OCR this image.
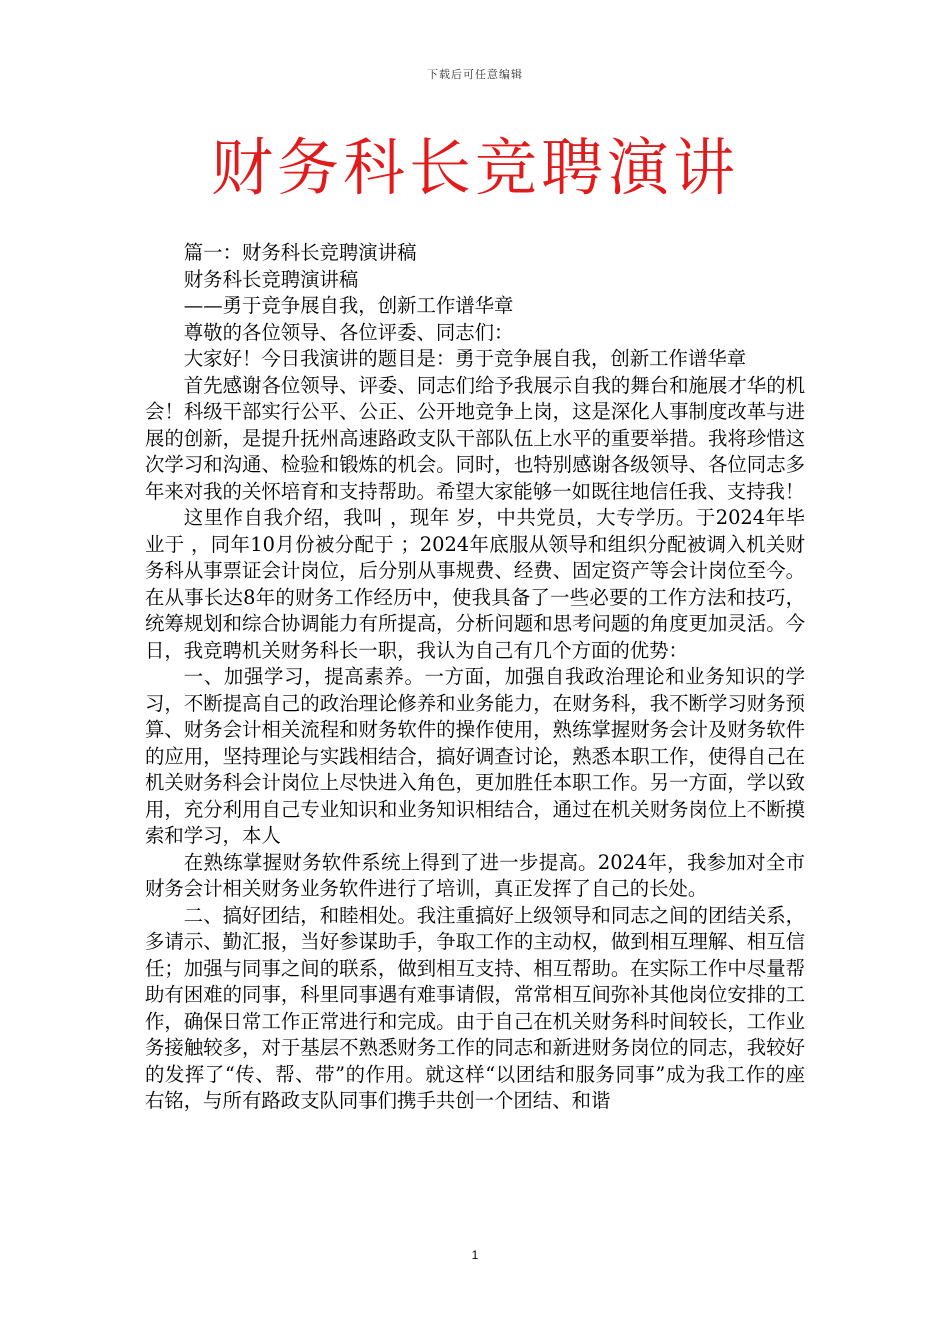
下载后可任意编辑
财务科长竞聘演讲

篇一：财务科长竞聘演讲稿

财务科长竞聘演讲稿

——勇于竞争展自我，创新工作谱华章

尊敬的各位领导、各位评委、同志们：

大家好！今日我演讲的题目是：勇于竞争展自我，创新工作谱华章

首先感谢各位领导、评委、同志们给予我展示自我的舞台和施展才华的机会！科级干部实行公平、公正、公开地竞争上岗，这是深化人事制度改革与进展的创新，是提升抚州高速路政支队干部队伍上水平的重要举措。我将珍惜这次学习和沟通、检验和锻炼的机会。同时，也特别感谢各级领导、各位同志多年来对我的关怀培育和支持帮助。希望大家能够一如既往地信任我、支持我！

这里作自我介绍，我叫 ，现年 岁，中共党员，大专学历。于2024年毕业于 ，同年10月份被分配于 ；2024年底服从领导和组织分配被调入机关财务科从事票证会计岗位，后分别从事规费、经费、固定资产等会计岗位至今。在从事长达8年的财务工作经历中，使我具备了一些必要的工作方法和技巧，统筹规划和综合协调能力有所提高，分析问题和思考问题的角度更加灵活。今日，我竞聘机关财务科长一职，我认为自己有几个方面的优势：

一、加强学习，提高素养。一方面，加强自我政治理论和业务知识的学习，不断提高自己的政治理论修养和业务能力，在财务科，我不断学习财务预算、财务会计相关流程和财务软件的操作使用，熟练掌握财务会计及财务软件的应用，坚持理论与实践相结合，搞好调查讨论，熟悉本职工作，使得自己在机关财务科会计岗位上尽快进入角色，更加胜任本职工作。另一方面，学以致用，充分利用自己专业知识和业务知识相结合，通过在机关财务岗位上不断摸索和学习，本人

在熟练掌握财务软件系统上得到了进一步提高。2024年，我参加对全市 财务会计相关财务业务软件进行了培训，真正发挥了自己的长处。

二、搞好团结，和睦相处。我注重搞好上级领导和同志之间的团结关系，多请示、勤汇报，当好参谋助手，争取工作的主动权，做到相互理解、相互信任；加强与同事之间的联系，做到相互支持、相互帮助。在实际工作中尽量帮助有困难的同事，科里同事遇有难事请假，常常相互间弥补其他岗位安排的工作，确保日常工作正常进行和完成。由于自己在机关财务科时间较长，工作业务接触较多，对于基层不熟悉财务工作的同志和新进财务岗位的同志，我较好的发挥了“传、帮、带”的作用。就这样“以团结和服务同事”成为我工作的座右铭，与所有路政支队同事们携手共创一个团结、和谐

1
